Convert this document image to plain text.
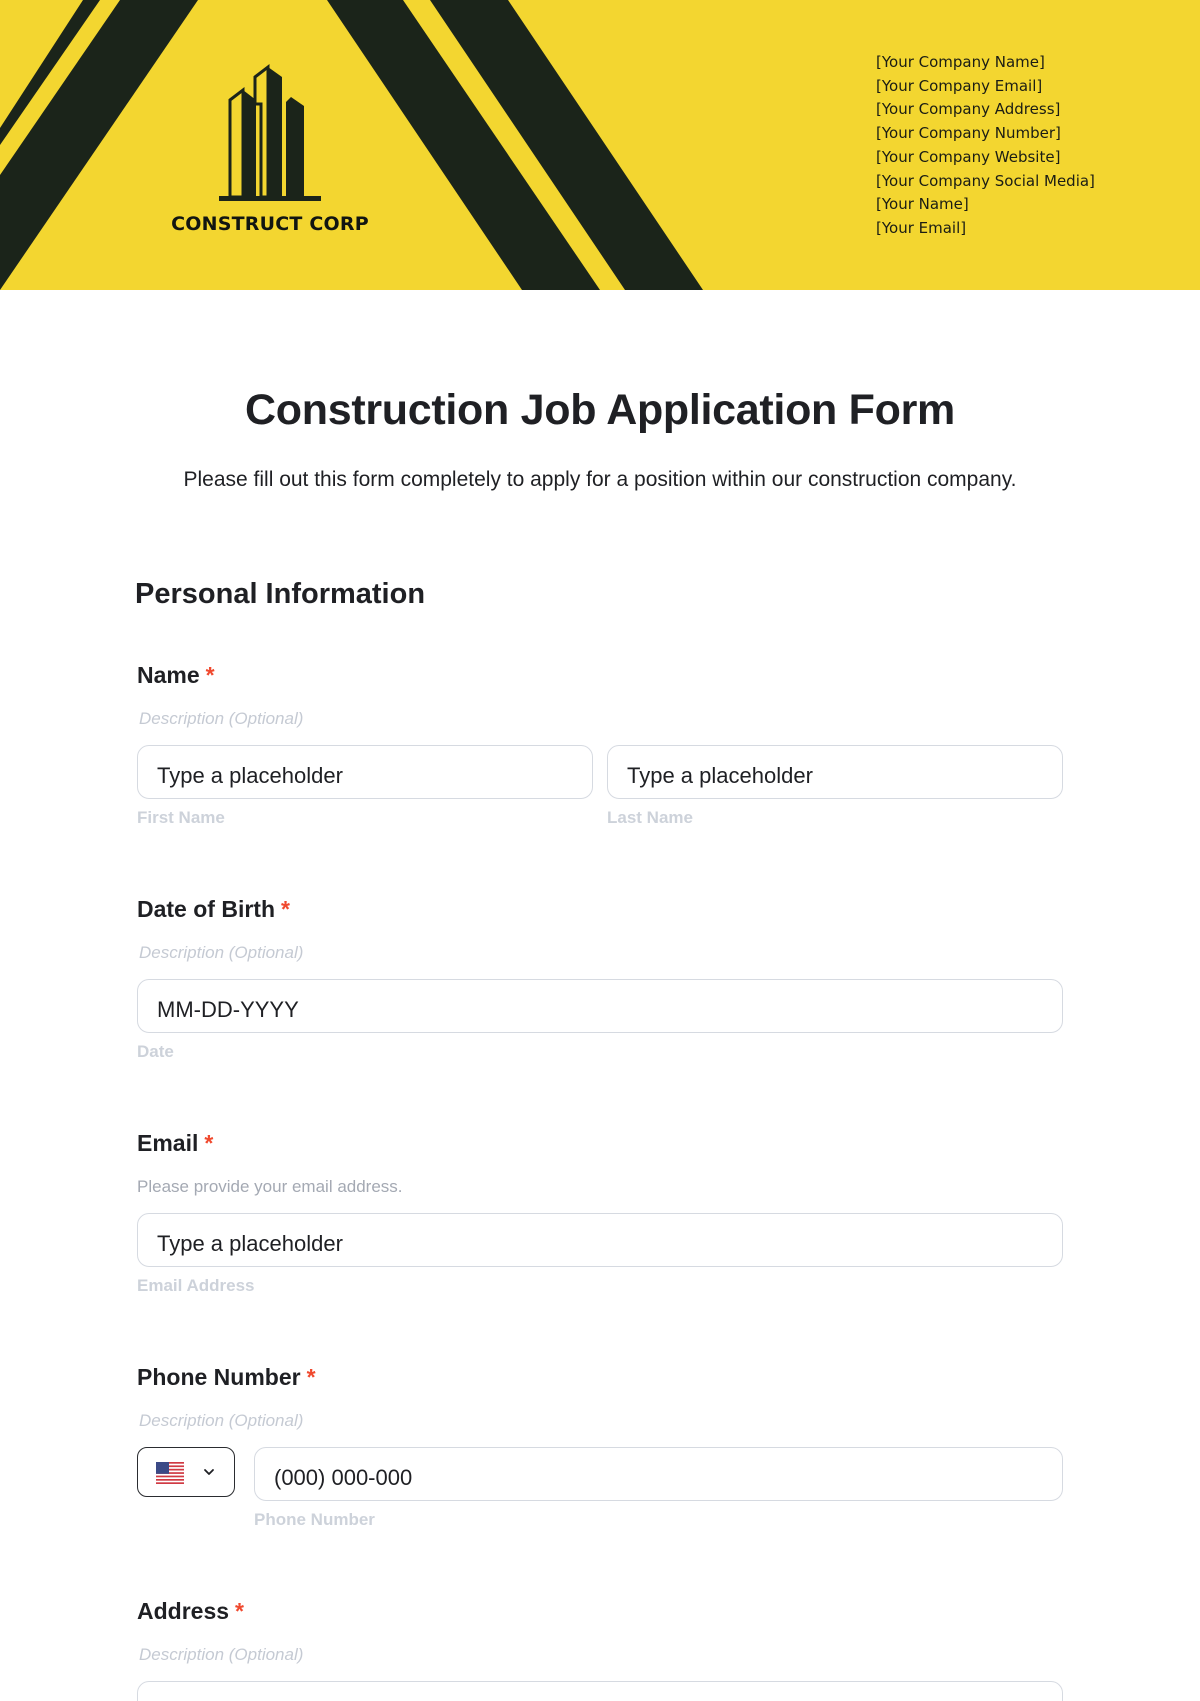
CONSTRUCT CORP
[Your Company Name]
[Your Company Email]
[Your Company Address]
[Your Company Number]
[Your Company Website]
[Your Company Social Media]
[Your Name]
[Your Email]
Construction Job Application Form

Please fill out this form completely to apply for a position within our construction company.

Personal Information
Name *
Description (Optional)
Type a placeholder	Type a placeholder
First Name	Last Name
Date of Birth *
Description (Optional)
MM-DD-YYYY
Date
Email *
Please provide your email address.
Type a placeholder
Email Address
Phone Number *
Description (Optional)
(000) 000-000
Phone Number
Address *
Description (Optional)
